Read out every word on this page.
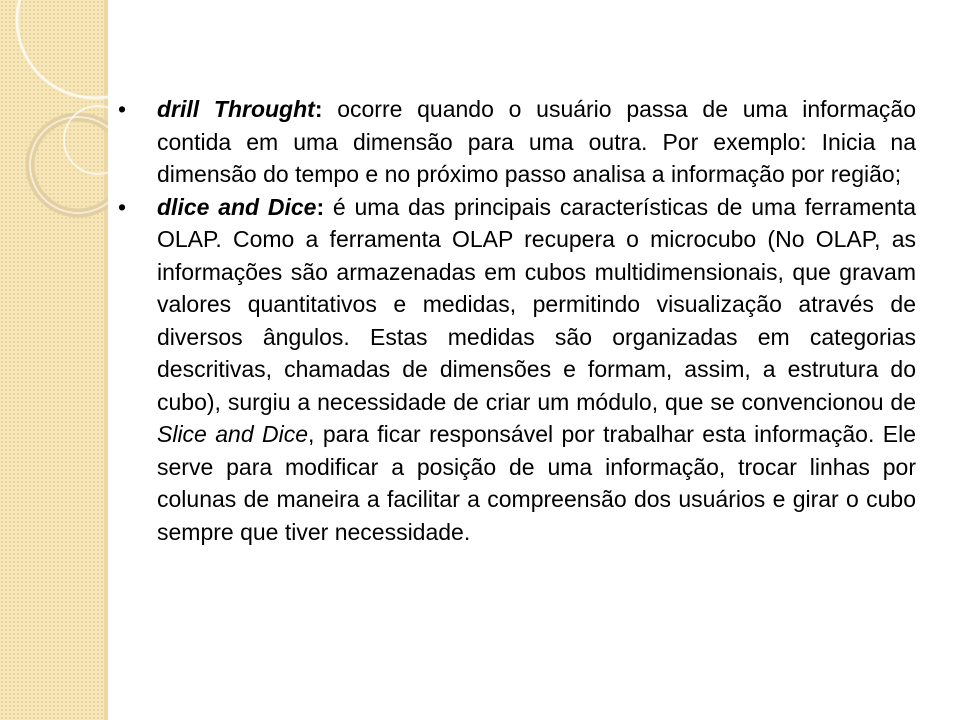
•	drill Throught: ocorre quando o usuário passa de uma informação contida em uma dimensão para uma outra. Por exemplo: Inicia na dimensão do tempo e no próximo passo analisa a informação por região;
•	dlice and Dice: é uma das principais características de uma ferramenta OLAP. Como a ferramenta OLAP recupera o microcubo (No OLAP, as informações são armazenadas em cubos multidimensionais, que gravam valores quantitativos e medidas, permitindo visualização através de diversos ângulos. Estas medidas são organizadas em categorias descritivas, chamadas de dimensões e formam, assim, a estrutura do cubo), surgiu a necessidade de criar um módulo, que se convencionou de Slice and Dice, para ficar responsável por trabalhar esta informação. Ele serve para modificar a posição de uma informação, trocar linhas por colunas de maneira a facilitar a compreensão dos usuários e girar o cubo sempre que tiver necessidade.
